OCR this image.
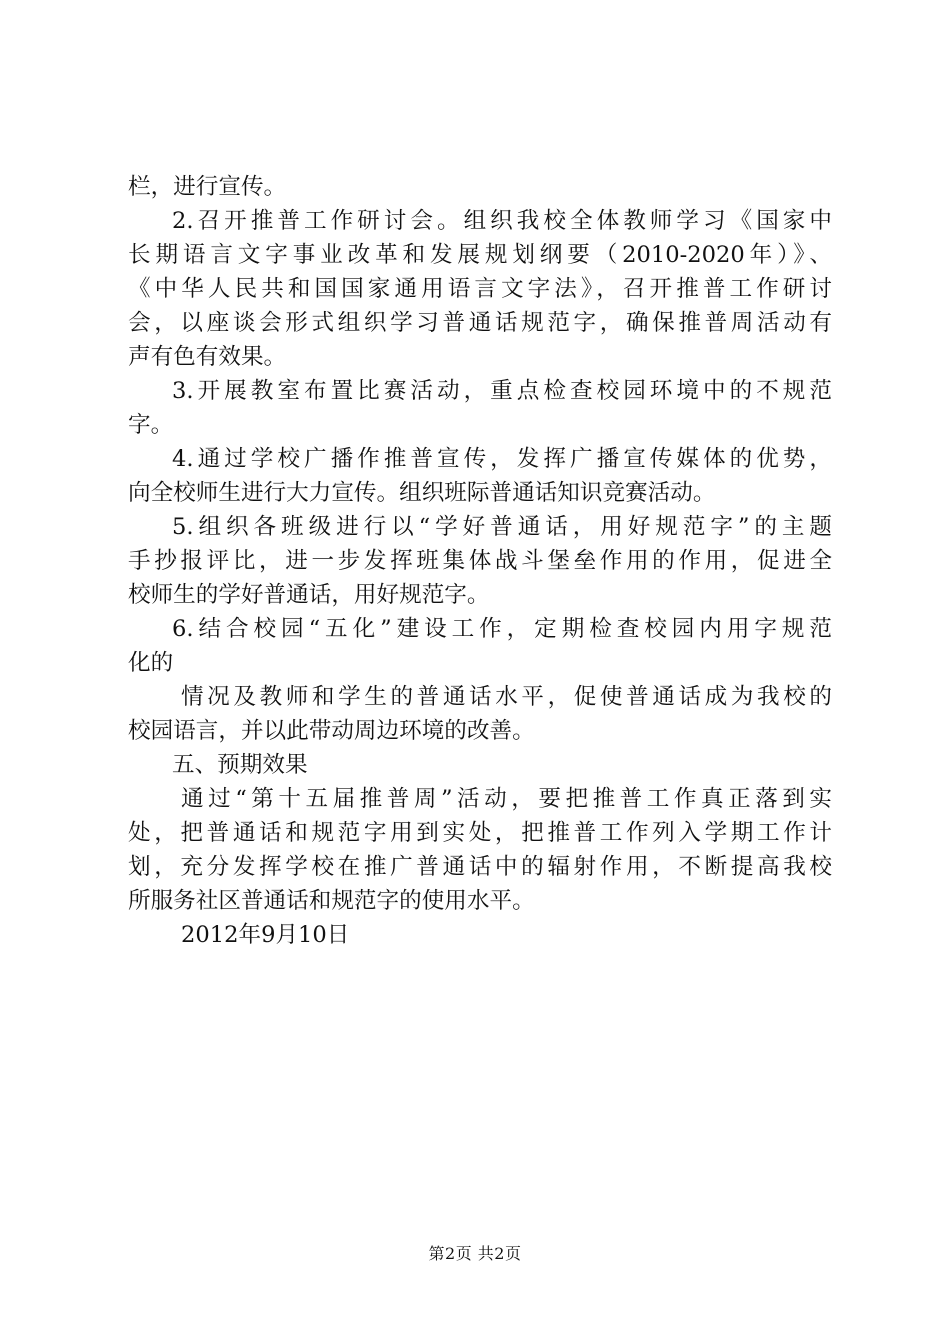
栏，进行宣传。
2.召开推普工作研讨会。组织我校全体教师学习《国家中
长期语言文字事业改革和发展规划纲要（2010-2020年）》、
《中华人民共和国国家通用语言文字法》，召开推普工作研讨
会，以座谈会形式组织学习普通话规范字，确保推普周活动有
声有色有效果。
3.开展教室布置比赛活动，重点检查校园环境中的不规范
字。
4.通过学校广播作推普宣传，发挥广播宣传媒体的优势，
向全校师生进行大力宣传。组织班际普通话知识竞赛活动。
5.组织各班级进行以“学好普通话，用好规范字”的主题
手抄报评比，进一步发挥班集体战斗堡垒作用的作用，促进全
校师生的学好普通话，用好规范字。
6.结合校园“五化”建设工作，定期检查校园内用字规范
化的
情况及教师和学生的普通话水平，促使普通话成为我校的
校园语言，并以此带动周边环境的改善。
五、预期效果
通过“第十五届推普周”活动，要把推普工作真正落到实
处，把普通话和规范字用到实处，把推普工作列入学期工作计
划，充分发挥学校在推广普通话中的辐射作用，不断提高我校
所服务社区普通话和规范字的使用水平。
2012年9月10日
第2页 共2页
